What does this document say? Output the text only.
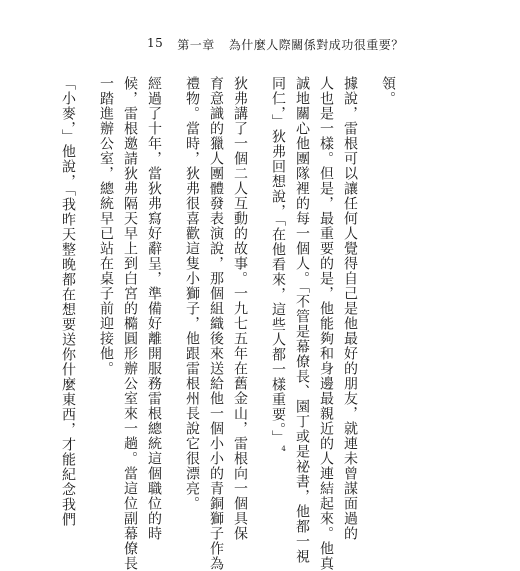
15 第一章 為什麼人際關係對成功很重要？
領。
據說，雷根可以讓任何人覺得自己是他最好的朋友，就連未曾謀面過的
人也是一樣。但是，最重要的是，他能夠和身邊最親近的人連結起來。他真
誠地關心他團隊裡的每一個人。「不管是幕僚長、園丁或是祕書，他都一視
同仁，」狄弗回想說，「在他看來，這些人都一樣重要。」$^4$
狄弗講了一個二人互動的故事。一九七五年在舊金山，雷根向一個具保
育意識的獵人團體發表演說，那個組織後來送給他一個小小的青銅獅子作為
禮物。當時，狄弗很喜歡這隻小獅子，他跟雷根州長說它很漂亮。
經過了十年，當狄弗寫好辭呈，準備好離開服務雷根總統這個職位的時
候，雷根邀請狄弗隔天早上到白宮的橢圓形辦公室來一趟。當這位副幕僚長
一踏進辦公室，總統早已站在桌子前迎接他。
「小麥，」他說，「我昨天整晚都在想要送你什麼東西，才能紀念我們
